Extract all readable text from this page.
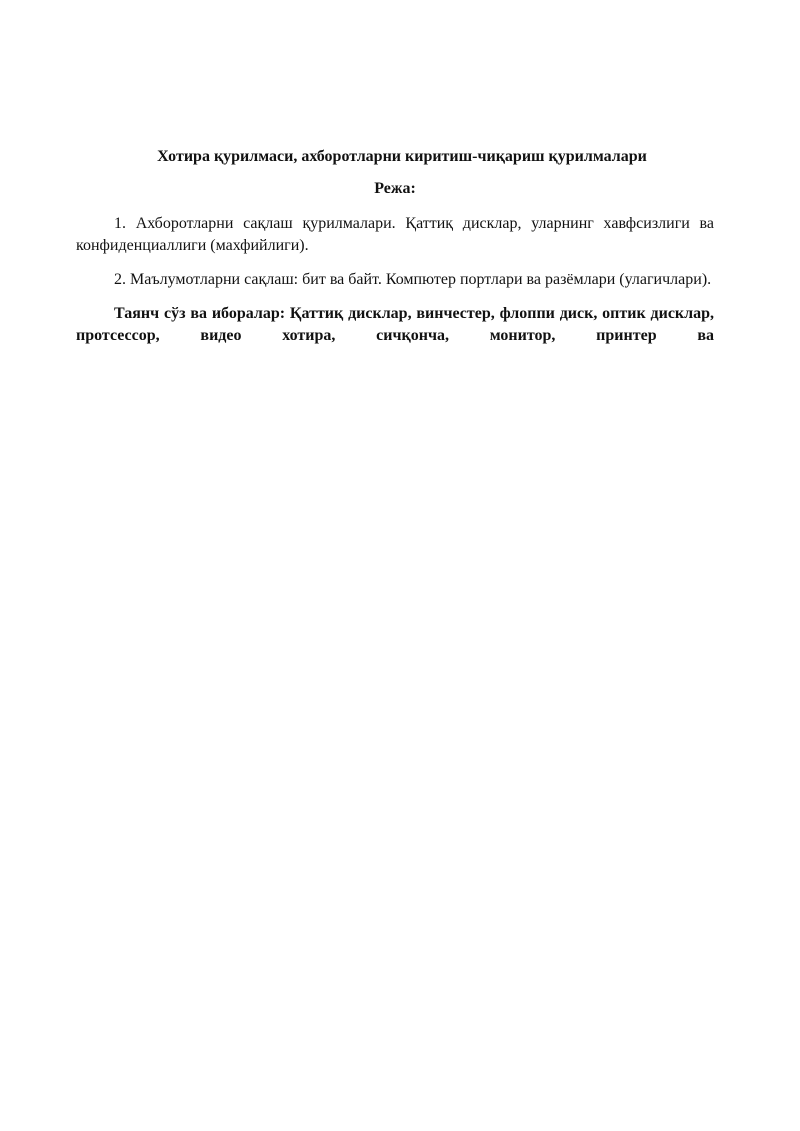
Хотира қурилмаси, ахборотларни киритиш-чиқариш қурилмалари

Режа:

1. Ахборотларни сақлаш қурилмалари. Қаттиқ дисклар, уларнинг хавфсизлиги ва конфиденциаллиги (махфийлиги).

2. Маълумотларни сақлаш: бит ва байт. Компютер портлари ва разёмлари (улагичлари).

Таянч сўз ва иборалар: Қаттиқ дисклар, винчестер, флоппи диск, оптик дисклар, протсессор, видео хотира, сичқонча, монитор, принтер ва
